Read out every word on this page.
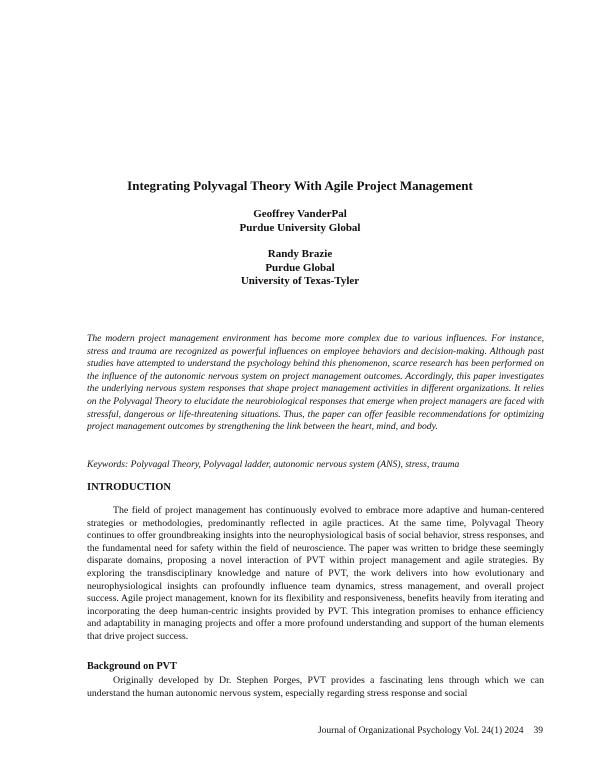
Integrating Polyvagal Theory With Agile Project Management
Geoffrey VanderPal
Purdue University Global
Randy Brazie
Purdue Global
University of Texas-Tyler
The modern project management environment has become more complex due to various influences. For instance, stress and trauma are recognized as powerful influences on employee behaviors and decision-making. Although past studies have attempted to understand the psychology behind this phenomenon, scarce research has been performed on the influence of the autonomic nervous system on project management outcomes. Accordingly, this paper investigates the underlying nervous system responses that shape project management activities in different organizations. It relies on the Polyvagal Theory to elucidate the neurobiological responses that emerge when project managers are faced with stressful, dangerous or life-threatening situations. Thus, the paper can offer feasible recommendations for optimizing project management outcomes by strengthening the link between the heart, mind, and body.
Keywords: Polyvagal Theory, Polyvagal ladder, autonomic nervous system (ANS), stress, trauma
INTRODUCTION
The field of project management has continuously evolved to embrace more adaptive and human-centered strategies or methodologies, predominantly reflected in agile practices. At the same time, Polyvagal Theory continues to offer groundbreaking insights into the neurophysiological basis of social behavior, stress responses, and the fundamental need for safety within the field of neuroscience. The paper was written to bridge these seemingly disparate domains, proposing a novel interaction of PVT within project management and agile strategies. By exploring the transdisciplinary knowledge and nature of PVT, the work delivers into how evolutionary and neurophysiological insights can profoundly influence team dynamics, stress management, and overall project success. Agile project management, known for its flexibility and responsiveness, benefits heavily from iterating and incorporating the deep human-centric insights provided by PVT. This integration promises to enhance efficiency and adaptability in managing projects and offer a more profound understanding and support of the human elements that drive project success.
Background on PVT
Originally developed by Dr. Stephen Porges, PVT provides a fascinating lens through which we can understand the human autonomic nervous system, especially regarding stress response and social
Journal of Organizational Psychology Vol. 24(1) 2024 39
